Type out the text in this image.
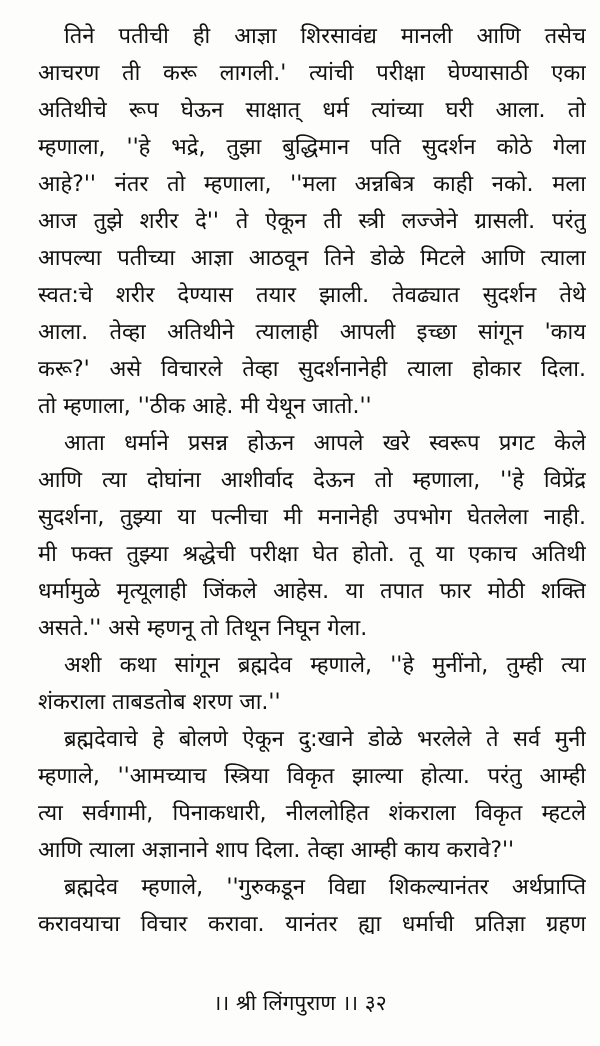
तिने पतीची ही आज्ञा शिरसावंद्य मानली आणि तसेच
आचरण ती करू लागली.' त्यांची परीक्षा घेण्यासाठी एका
अतिथीचे रूप घेऊन साक्षात् धर्म त्यांच्या घरी आला. तो
म्हणाला, ''हे भद्रे, तुझा बुद्धिमान पति सुदर्शन कोठे गेला
आहे?'' नंतर तो म्हणाला, ''मला अन्नबित्र काही नको. मला
आज तुझे शरीर दे'' ते ऐकून ती स्त्री लज्जेने ग्रासली. परंतु
आपल्या पतीच्या आज्ञा आठवून तिने डोळे मिटले आणि त्याला
स्वत:चे शरीर देण्यास तयार झाली. तेवढ्यात सुदर्शन तेथे
आला. तेव्हा अतिथीने त्यालाही आपली इच्छा सांगून 'काय
करू?' असे विचारले तेव्हा सुदर्शनानेही त्याला होकार दिला.
तो म्हणाला, ''ठीक आहे. मी येथून जातो.''
आता धर्माने प्रसन्न होऊन आपले खरे स्वरूप प्रगट केले
आणि त्या दोघांना आशीर्वाद देऊन तो म्हणाला, ''हे विप्रेंद्र
सुदर्शना, तुझ्या या पत्नीचा मी मनानेही उपभोग घेतलेला नाही.
मी फक्त तुझ्या श्रद्धेची परीक्षा घेत होतो. तू या एकाच अतिथी
धर्मामुळे मृत्यूलाही जिंकले आहेस. या तपात फार मोठी शक्ति
असते.'' असे म्हणनू तो तिथून निघून गेला.
अशी कथा सांगून ब्रह्मदेव म्हणाले, ''हे मुनींनो, तुम्ही त्या
शंकराला ताबडतोब शरण जा.''
ब्रह्मदेवाचे हे बोलणे ऐकून दु:खाने डोळे भरलेले ते सर्व मुनी
म्हणाले, ''आमच्याच स्त्रिया विकृत झाल्या होत्या. परंतु आम्ही
त्या सर्वगामी, पिनाकधारी, नीललोहित शंकराला विकृत म्हटले
आणि त्याला अज्ञानाने शाप दिला. तेव्हा आम्ही काय करावे?''
ब्रह्मदेव म्हणाले, ''गुरुकडून विद्या शिकल्यानंतर अर्थप्राप्ति
करावयाचा विचार करावा. यानंतर ह्या धर्माची प्रतिज्ञा ग्रहण
।। श्री लिंगपुराण ।। ३२
